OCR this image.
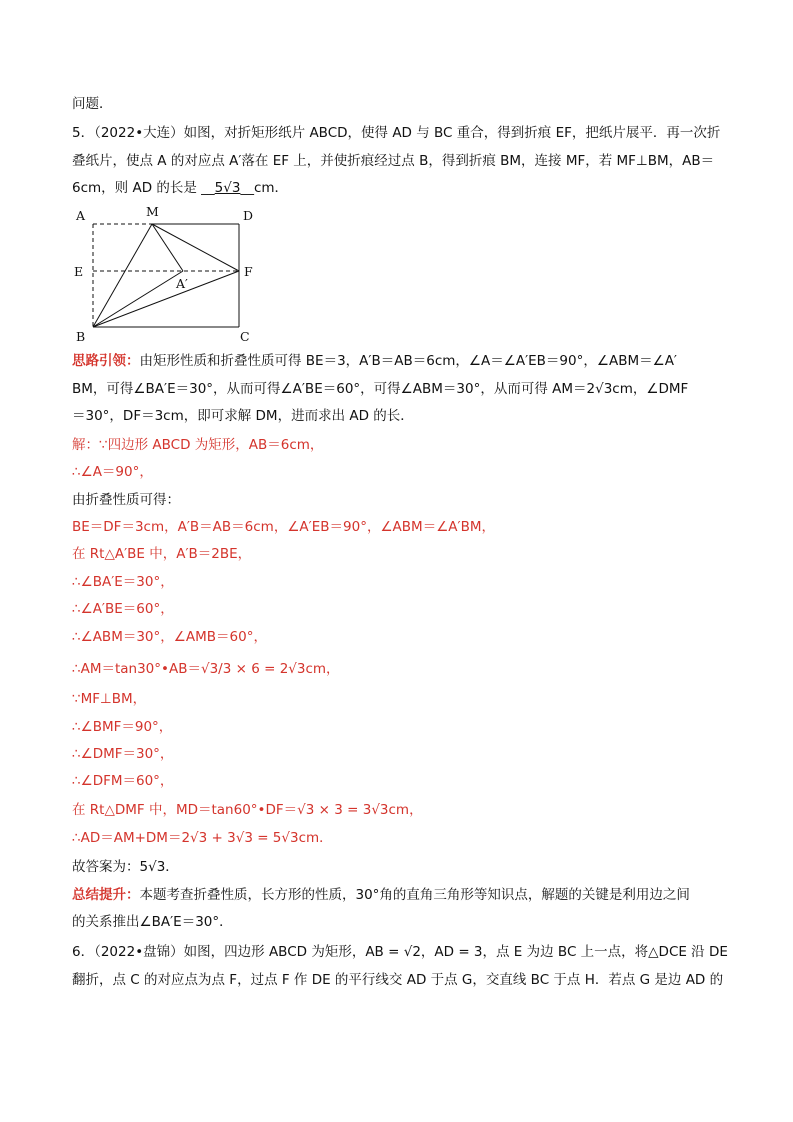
问题．
5．（2022•大连）如图，对折矩形纸片 ABCD，使得 AD 与 BC 重合，得到折痕 EF，把纸片展平．再一次折
叠纸片，使点 A 的对应点 A′落在 EF 上，并使折痕经过点 B，得到折痕 BM，连接 MF，若 MF⊥BM，AB＝
6cm，则 AD 的长是 __5√3__cm．
A	M	D
E	F
A′
B	C
思路引领：由矩形性质和折叠性质可得 BE＝3，A′B＝AB＝6cm，∠A＝∠A′EB＝90°，∠ABM＝∠A′
BM，可得∠BA′E＝30°，从而可得∠A′BE＝60°，可得∠ABM＝30°，从而可得 AM＝2√3cm，∠DMF
＝30°，DF＝3cm，即可求解 DM，进而求出 AD 的长．
解：∵四边形 ABCD 为矩形，AB＝6cm，
∴∠A＝90°，
由折叠性质可得：
BE＝DF＝3cm，A′B＝AB＝6cm，∠A′EB＝90°，∠ABM＝∠A′BM，
在 Rt△A′BE 中，A′B＝2BE，
∴∠BA′E＝30°，
∴∠A′BE＝60°，
∴∠ABM＝30°，∠AMB＝60°，
∴AM＝tan30°•AB＝√3/3 × 6 = 2√3cm，
∵MF⊥BM，
∴∠BMF＝90°，
∴∠DMF＝30°，
∴∠DFM＝60°，
在 Rt△DMF 中，MD＝tan60°•DF＝√3 × 3 = 3√3cm，
∴AD＝AM+DM＝2√3 + 3√3 = 5√3cm．
故答案为：5√3．
总结提升：本题考查折叠性质，长方形的性质，30°角的直角三角形等知识点，解题的关键是利用边之间
的关系推出∠BA′E＝30°．
6．（2022•盘锦）如图，四边形 ABCD 为矩形，AB = √2，AD = 3，点 E 为边 BC 上一点，将△DCE 沿 DE
翻折，点 C 的对应点为点 F，过点 F 作 DE 的平行线交 AD 于点 G，交直线 BC 于点 H．若点 G 是边 AD 的
